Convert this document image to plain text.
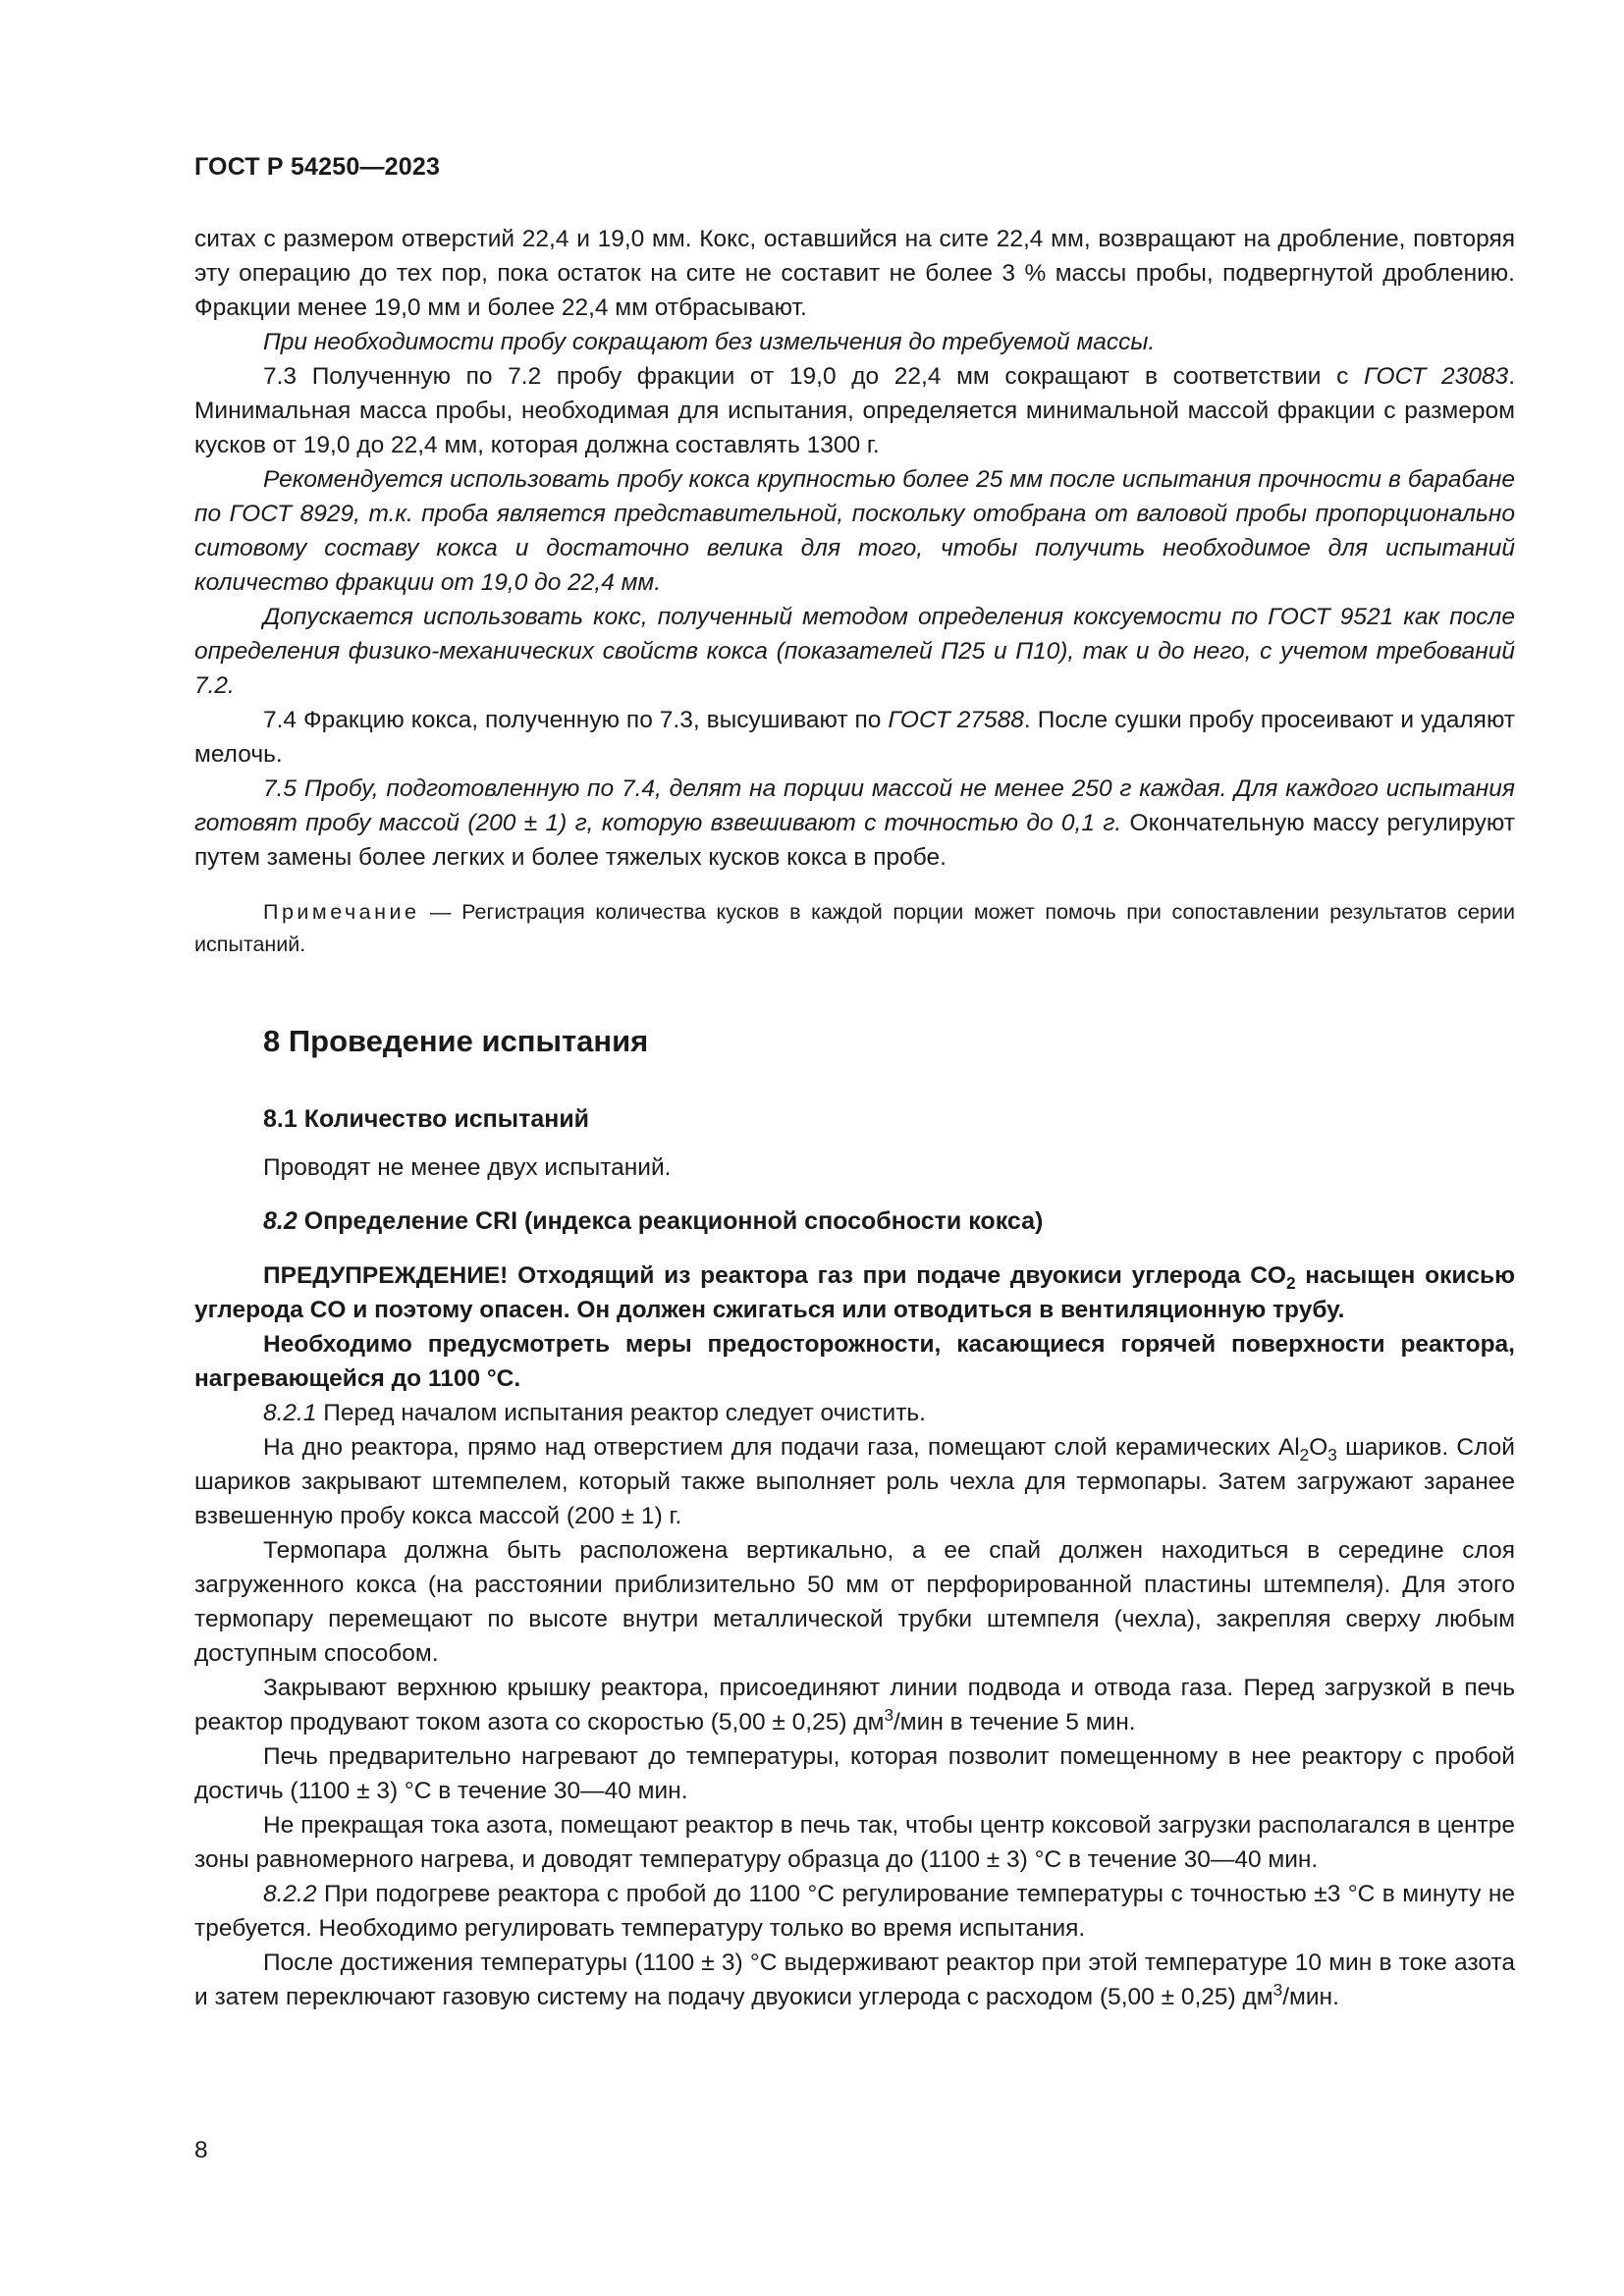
ГОСТ Р 54250—2023

ситах с размером отверстий 22,4 и 19,0 мм. Кокс, оставшийся на сите 22,4 мм, возвращают на дробление, повторяя эту операцию до тех пор, пока остаток на сите не составит не более 3 % массы пробы, подвергнутой дроблению. Фракции менее 19,0 мм и более 22,4 мм отбрасывают.

При необходимости пробу сокращают без измельчения до требуемой массы.

7.3 Полученную по 7.2 пробу фракции от 19,0 до 22,4 мм сокращают в соответствии с ГОСТ 23083. Минимальная масса пробы, необходимая для испытания, определяется минимальной массой фракции с размером кусков от 19,0 до 22,4 мм, которая должна составлять 1300 г.

Рекомендуется использовать пробу кокса крупностью более 25 мм после испытания прочности в барабане по ГОСТ 8929, т.к. проба является представительной, поскольку отобрана от валовой пробы пропорционально ситовому составу кокса и достаточно велика для того, чтобы получить необходимое для испытаний количество фракции от 19,0 до 22,4 мм.

Допускается использовать кокс, полученный методом определения коксуемости по ГОСТ 9521 как после определения физико-механических свойств кокса (показателей П25 и П10), так и до него, с учетом требований 7.2.

7.4 Фракцию кокса, полученную по 7.3, высушивают по ГОСТ 27588. После сушки пробу просеивают и удаляют мелочь.

7.5 Пробу, подготовленную по 7.4, делят на порции массой не менее 250 г каждая. Для каждого испытания готовят пробу массой (200 ± 1) г, которую взвешивают с точностью до 0,1 г. Окончательную массу регулируют путем замены более легких и более тяжелых кусков кокса в пробе.

Примечание — Регистрация количества кусков в каждой порции может помочь при сопоставлении результатов серии испытаний.

8 Проведение испытания
8.1 Количество испытаний

Проводят не менее двух испытаний.

8.2 Определение CRI (индекса реакционной способности кокса)

ПРЕДУПРЕЖДЕНИЕ! Отходящий из реактора газ при подаче двуокиси углерода $CO_2$ насыщен окисью углерода CO и поэтому опасен. Он должен сжигаться или отводиться в вентиляционную трубу.

Необходимо предусмотреть меры предосторожности, касающиеся горячей поверхности реактора, нагревающейся до 1100 °С.

8.2.1 Перед началом испытания реактор следует очистить.

На дно реактора, прямо над отверстием для подачи газа, помещают слой керамических $Al_2O_3$ шариков. Слой шариков закрывают штемпелем, который также выполняет роль чехла для термопары. Затем загружают заранее взвешенную пробу кокса массой (200 ± 1) г.

Термопара должна быть расположена вертикально, а ее спай должен находиться в середине слоя загруженного кокса (на расстоянии приблизительно 50 мм от перфорированной пластины штемпеля). Для этого термопару перемещают по высоте внутри металлической трубки штемпеля (чехла), закрепляя сверху любым доступным способом.

Закрывают верхнюю крышку реактора, присоединяют линии подвода и отвода газа. Перед загрузкой в печь реактор продувают током азота со скоростью (5,00 ± 0,25) $дм^3$/мин в течение 5 мин.

Печь предварительно нагревают до температуры, которая позволит помещенному в нее реактору с пробой достичь (1100 ± 3) °С в течение 30—40 мин.

Не прекращая тока азота, помещают реактор в печь так, чтобы центр коксовой загрузки располагался в центре зоны равномерного нагрева, и доводят температуру образца до (1100 ± 3) °С в течение 30—40 мин.

8.2.2 При подогреве реактора с пробой до 1100 °С регулирование температуры с точностью ±3 °С в минуту не требуется. Необходимо регулировать температуру только во время испытания.

После достижения температуры (1100 ± 3) °С выдерживают реактор при этой температуре 10 мин в токе азота и затем переключают газовую систему на подачу двуокиси углерода с расходом (5,00 ± 0,25) $дм^3$/мин.

8
